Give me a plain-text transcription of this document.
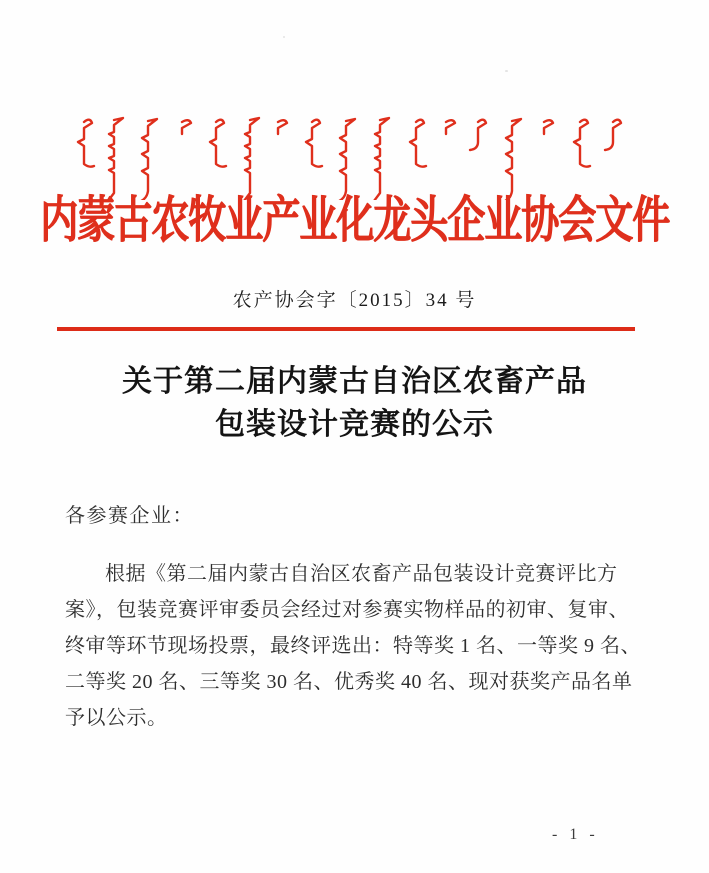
内蒙古农牧业产业化龙头企业协会文件
农产协会字〔2015〕34 号
关于第二届内蒙古自治区农畜产品
包装设计竞赛的公示
各参赛企业：
根据《第二届内蒙古自治区农畜产品包装设计竞赛评比方
案》，包装竞赛评审委员会经过对参赛实物样品的初审、复审、
终审等环节现场投票，最终评选出：特等奖 1 名、一等奖 9 名、
二等奖 20 名、三等奖 30 名、优秀奖 40 名、现对获奖产品名单
予以公示。
- 1 -
